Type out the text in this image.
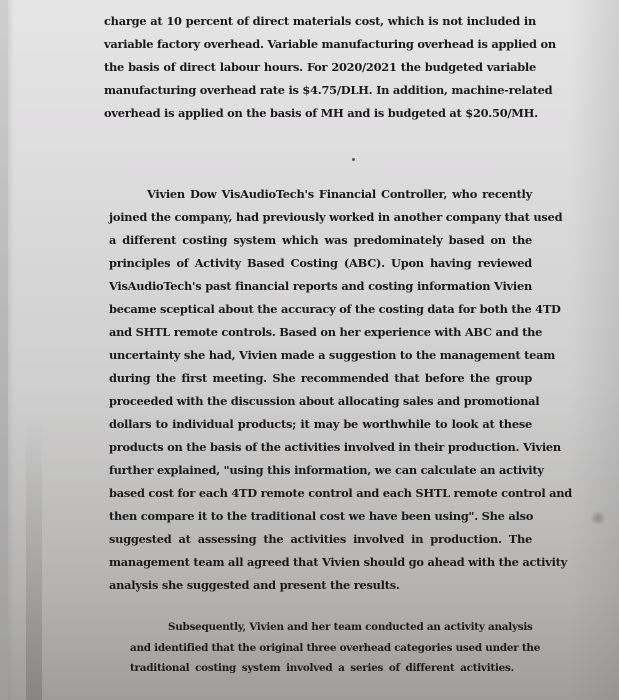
charge at 10 percent of direct materials cost, which is not included in
variable factory overhead. Variable manufacturing overhead is applied on
the basis of direct labour hours. For 2020/2021 the budgeted variable
manufacturing overhead rate is $4.75/DLH. In addition, machine-related
overhead is applied on the basis of MH and is budgeted at $20.50/MH.
Vivien Dow VisAudioTech's Financial Controller, who recently
joined the company, had previously worked in another company that used
a different costing system which was predominately based on the
principles of Activity Based Costing (ABC). Upon having reviewed
VisAudioTech's past financial reports and costing information Vivien
became sceptical about the accuracy of the costing data for both the 4TD
and SHTL remote controls. Based on her experience with ABC and the
uncertainty she had, Vivien made a suggestion to the management team
during the first meeting. She recommended that before the group
proceeded with the discussion about allocating sales and promotional
dollars to individual products; it may be worthwhile to look at these
products on the basis of the activities involved in their production. Vivien
further explained, "using this information, we can calculate an activity
based cost for each 4TD remote control and each SHTL remote control and
then compare it to the traditional cost we have been using". She also
suggested at assessing the activities involved in production. The
management team all agreed that Vivien should go ahead with the activity
analysis she suggested and present the results.
Subsequently, Vivien and her team conducted an activity analysis
and identified that the original three overhead categories used under the
traditional costing system involved a series of different activities.
